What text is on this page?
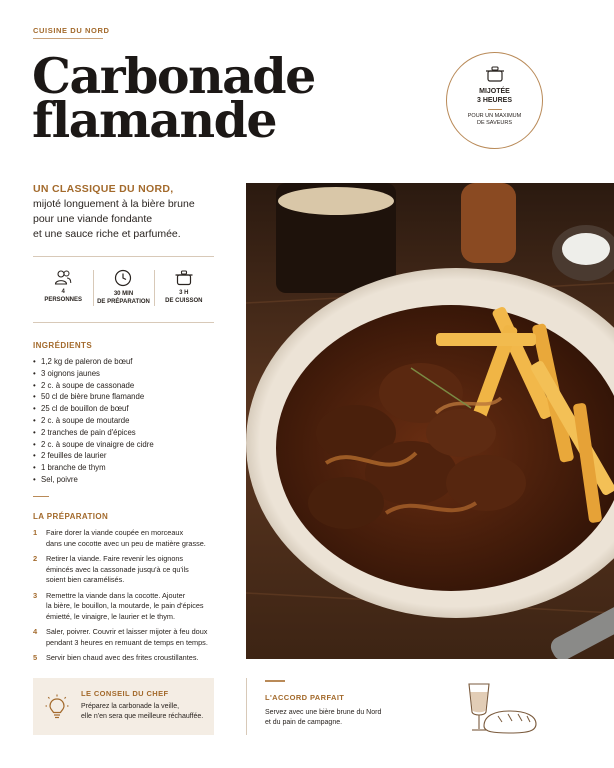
CUISINE DU NORD
Carbonade
flamande	MIJOTÉE
3 HEURES
POUR UN MAXIMUM
DE SAVEURS
UN CLASSIQUE DU NORD,
mijoté longuement à la bière brune
pour une viande fondante
et une sauce riche et parfumée.
4
PERSONNES
30 MIN
DE PRÉPARATION
3 H
DE CUISSON
INGRÉDIENTS
• 1,2 kg de paleron de bœuf
• 3 oignons jaunes
• 2 c. à soupe de cassonade
• 50 cl de bière brune flamande
• 25 cl de bouillon de bœuf
• 2 c. à soupe de moutarde
• 2 tranches de pain d'épices
• 2 c. à soupe de vinaigre de cidre
• 2 feuilles de laurier
• 1 branche de thym
• Sel, poivre
LA PRÉPARATION
1	Faire dorer la viande coupée en morceaux
dans une cocotte avec un peu de matière grasse.
2	Retirer la viande. Faire revenir les oignons
émincés avec la cassonade jusqu'à ce qu'ils
soient bien caramélisés.
3	Remettre la viande dans la cocotte. Ajouter
la bière, le bouillon, la moutarde, le pain d'épices
émietté, le vinaigre, le laurier et le thym.
4	Saler, poivrer. Couvrir et laisser mijoter à feu doux
pendant 3 heures en remuant de temps en temps.
5	Servir bien chaud avec des frites croustillantes.
LE CONSEIL DU CHEF
Préparez la carbonade la veille,
elle n'en sera que meilleure réchauffée.
L'ACCORD PARFAIT
Servez avec une bière brune du Nord
et du pain de campagne.
